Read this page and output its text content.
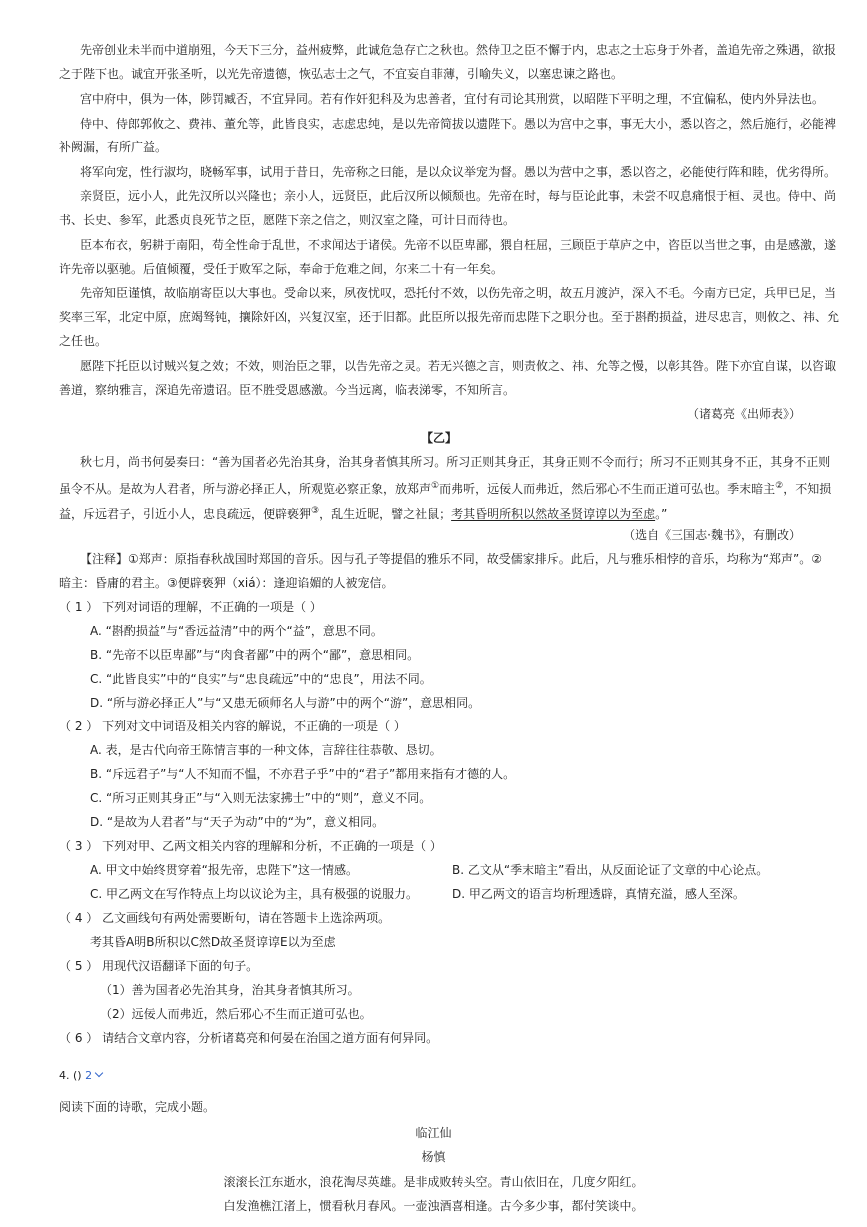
先帝创业未半而中道崩殂，今天下三分，益州疲弊，此诚危急存亡之秋也。然侍卫之臣不懈于内，忠志之士忘身于外者，盖追先帝之殊遇，欲报
之于陛下也。诚宜开张圣听，以光先帝遗德，恢弘志士之气，不宜妄自菲薄，引喻失义，以塞忠谏之路也。
宫中府中，俱为一体，陟罚臧否，不宜异同。若有作奸犯科及为忠善者，宜付有司论其刑赏，以昭陛下平明之理，不宜偏私，使内外异法也。
侍中、侍郎郭攸之、费祎、董允等，此皆良实，志虑忠纯，是以先帝简拔以遗陛下。愚以为宫中之事，事无大小，悉以咨之，然后施行，必能裨
补阙漏，有所广益。
将军向宠，性行淑均，晓畅军事，试用于昔日，先帝称之曰能，是以众议举宠为督。愚以为营中之事，悉以咨之，必能使行阵和睦，优劣得所。
亲贤臣，远小人，此先汉所以兴隆也；亲小人，远贤臣，此后汉所以倾颓也。先帝在时，每与臣论此事，未尝不叹息痛恨于桓、灵也。侍中、尚
书、长史、参军，此悉贞良死节之臣，愿陛下亲之信之，则汉室之隆，可计日而待也。
臣本布衣，躬耕于南阳，苟全性命于乱世，不求闻达于诸侯。先帝不以臣卑鄙，猥自枉屈，三顾臣于草庐之中，咨臣以当世之事，由是感激，遂
许先帝以驱驰。后值倾覆，受任于败军之际，奉命于危难之间，尔来二十有一年矣。
先帝知臣谨慎，故临崩寄臣以大事也。受命以来，夙夜忧叹，恐托付不效，以伤先帝之明，故五月渡泸，深入不毛。今南方已定，兵甲已足，当
奖率三军，北定中原，庶竭驽钝，攘除奸凶，兴复汉室，还于旧都。此臣所以报先帝而忠陛下之职分也。至于斟酌损益，进尽忠言，则攸之、祎、允
之任也。
愿陛下托臣以讨贼兴复之效；不效，则治臣之罪，以告先帝之灵。若无兴德之言，则责攸之、祎、允等之慢，以彰其咎。陛下亦宜自谋，以咨诹
善道，察纳雅言，深追先帝遗诏。臣不胜受恩感激。今当远离，临表涕零，不知所言。
（诸葛亮《出师表》）
【乙】
秋七月，尚书何晏奏曰：“善为国者必先治其身，治其身者慎其所习。所习正则其身正，其身正则不令而行；所习不正则其身不正，其身不正则
虽令不从。是故为人君者，所与游必择正人，所观览必察正象，放郑声①而弗听，远佞人而弗近，然后邪心不生而正道可弘也。季末暗主②，不知损
益，斥远君子，引近小人，忠良疏远，便辟亵狎③，乱生近昵，譬之社鼠；考其昏明所积以然故圣贤谆谆以为至虑。”
（选自《三国志·魏书》，有删改）
【注释】①郑声：原指春秋战国时郑国的音乐。因与孔子等提倡的雅乐不同，故受儒家排斥。此后，凡与雅乐相悖的音乐，均称为“郑声”。②
暗主：昏庸的君主。③便辟亵狎（xiá）：逢迎谄媚的人被宠信。
（ 1 ） 下列对词语的理解，不正确的一项是（ ）
A. “斟酌损益”与“香远益清”中的两个“益”，意思不同。
B. “先帝不以臣卑鄙”与“肉食者鄙”中的两个“鄙”，意思相同。
C. “此皆良实”中的“良实”与“忠良疏远”中的“忠良”，用法不同。
D. “所与游必择正人”与“又患无硕师名人与游”中的两个“游”，意思相同。
（ 2 ） 下列对文中词语及相关内容的解说，不正确的一项是（ ）
A. 表，是古代向帝王陈情言事的一种文体，言辞往往恭敬、恳切。
B. “斥远君子”与“人不知而不愠，不亦君子乎”中的“君子”都用来指有才德的人。
C. “所习正则其身正”与“入则无法家拂士”中的“则”，意义不同。
D. “是故为人君者”与“天子为动”中的“为”，意义相同。
（ 3 ） 下列对甲、乙两文相关内容的理解和分析，不正确的一项是（ ）
A. 甲文中始终贯穿着“报先帝，忠陛下”这一情感。	B. 乙文从“季末暗主”看出，从反面论证了文章的中心论点。
C. 甲乙两文在写作特点上均以议论为主，具有极强的说服力。	D. 甲乙两文的语言均析理透辟，真情充溢，感人至深。
（ 4 ） 乙文画线句有两处需要断句，请在答题卡上选涂两项。
考其昏A明B所积以C然D故圣贤谆谆E以为至虑
（ 5 ） 用现代汉语翻译下面的句子。
（1）善为国者必先治其身，治其身者慎其所习。
（2）远佞人而弗近，然后邪心不生而正道可弘也。
（ 6 ） 请结合文章内容，分析诸葛亮和何晏在治国之道方面有何异同。
4. () 2
阅读下面的诗歌，完成小题。
临江仙
杨慎
滚滚长江东逝水，浪花淘尽英雄。是非成败转头空。青山依旧在，几度夕阳红。
白发渔樵江渚上，惯看秋月春风。一壶浊酒喜相逢。古今多少事，都付笑谈中。
